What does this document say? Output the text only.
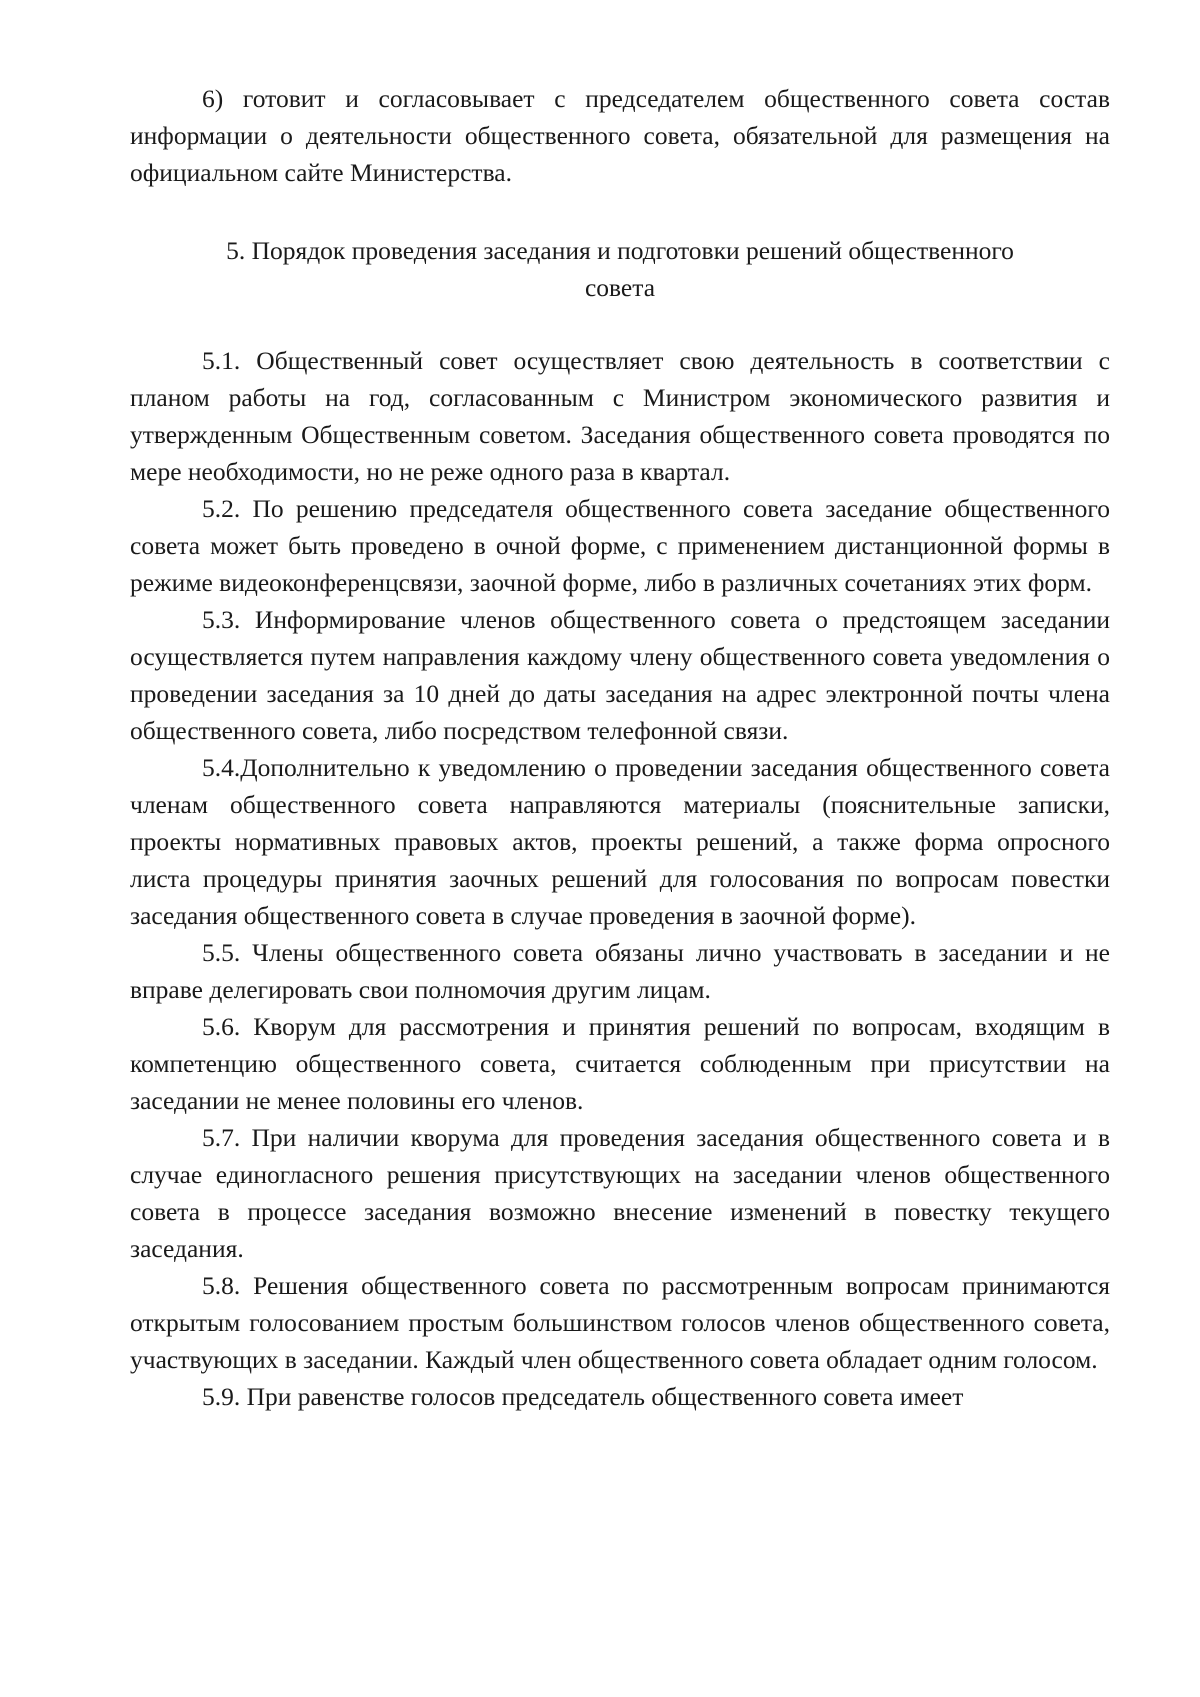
6) готовит и согласовывает с председателем общественного совета состав информации о деятельности общественного совета, обязательной для размещения на официальном сайте Министерства.

5. Порядок проведения заседания и подготовки решений общественного совета

5.1. Общественный совет осуществляет свою деятельность в соответствии с планом работы на год, согласованным с Министром экономического развития и утвержденным Общественным советом. Заседания общественного совета проводятся по мере необходимости, но не реже одного раза в квартал.

5.2. По решению председателя общественного совета заседание общественного совета может быть проведено в очной форме, с применением дистанционной формы в режиме видеоконференцсвязи, заочной форме, либо в различных сочетаниях этих форм.

5.3. Информирование членов общественного совета о предстоящем заседании осуществляется путем направления каждому члену общественного совета уведомления о проведении заседания за 10 дней до даты заседания на адрес электронной почты члена общественного совета, либо посредством телефонной связи.

5.4.Дополнительно к уведомлению о проведении заседания общественного совета членам общественного совета направляются материалы (пояснительные записки, проекты нормативных правовых актов, проекты решений, а также форма опросного листа процедуры принятия заочных решений для голосования по вопросам повестки заседания общественного совета в случае проведения в заочной форме).

5.5. Члены общественного совета обязаны лично участвовать в заседании и не вправе делегировать свои полномочия другим лицам.

5.6. Кворум для рассмотрения и принятия решений по вопросам, входящим в компетенцию общественного совета, считается соблюденным при присутствии на заседании не менее половины его членов.

5.7. При наличии кворума для проведения заседания общественного совета и в случае единогласного решения присутствующих на заседании членов общественного совета в процессе заседания возможно внесение изменений в повестку текущего заседания.

5.8. Решения общественного совета по рассмотренным вопросам принимаются открытым голосованием простым большинством голосов членов общественного совета, участвующих в заседании. Каждый член общественного совета обладает одним голосом.

5.9. При равенстве голосов председатель общественного совета имеет
